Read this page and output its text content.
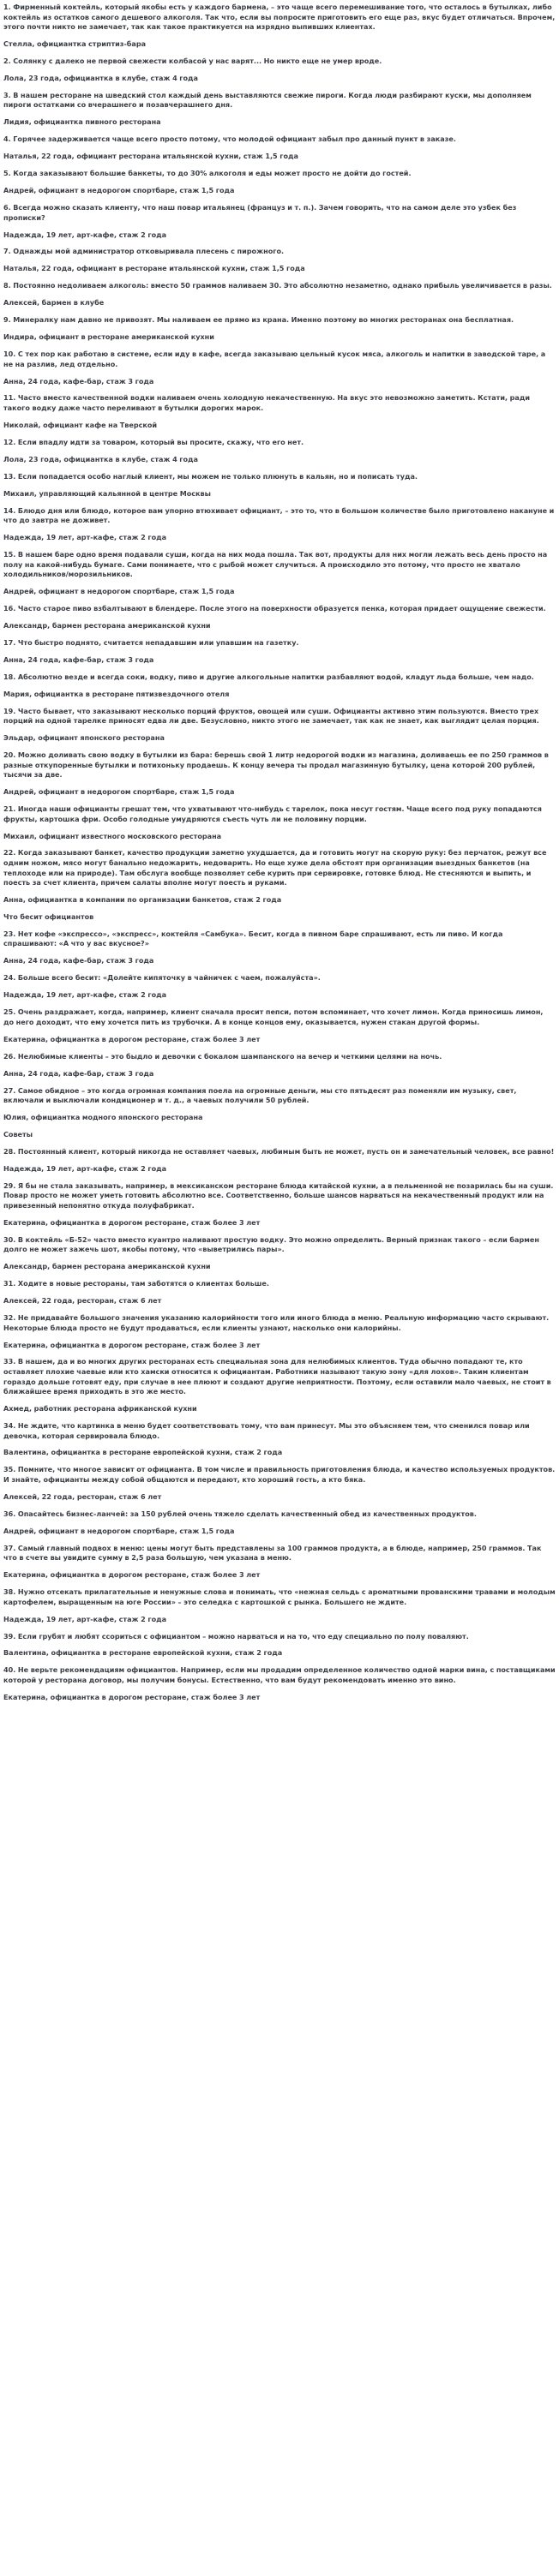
1. Фирменный коктейль, который якобы есть у каждого бармена, – это чаще всего перемешивание того, что осталось в бутылках, либо коктейль из остатков самого дешевого алкоголя. Так что, если вы попросите приготовить его еще раз, вкус будет отличаться. Впрочем, этого почти никто не замечает, так как такое практикуется на изрядно выпивших клиентах.

Стелла, официантка стриптиз-бара

2. Солянку с далеко не первой свежести колбасой у нас варят... Но никто еще не умер вроде.

Лола, 23 года, официантка в клубе, стаж 4 года

3. В нашем ресторане на шведский стол каждый день выставляются свежие пироги. Когда люди разбирают куски, мы дополняем пироги остатками со вчерашнего и позавчерашнего дня.

Лидия, официантка пивного ресторана

4. Горячее задерживается чаще всего просто потому, что молодой официант забыл про данный пункт в заказе.

Наталья, 22 года, официант ресторана итальянской кухни, стаж 1,5 года

5. Когда заказывают большие банкеты, то до 30% алкоголя и еды может просто не дойти до гостей.

Андрей, официант в недорогом спортбаре, стаж 1,5 года

6. Всегда можно сказать клиенту, что наш повар итальянец (француз и т. п.). Зачем говорить, что на самом деле это узбек без прописки?

Надежда, 19 лет, арт-кафе, стаж 2 года

7. Однажды мой администратор отковыривала плесень с пирожного.

Наталья, 22 года, официант в ресторане итальянской кухни, стаж 1,5 года

8. Постоянно недоливаем алкоголь: вместо 50 граммов наливаем 30. Это абсолютно незаметно, однако прибыль увеличивается в разы.

Алексей, бармен в клубе

9. Минералку нам давно не привозят. Мы наливаем ее прямо из крана. Именно поэтому во многих ресторанах она бесплатная.

Индира, официант в ресторане американской кухни

10. С тех пор как работаю в системе, если иду в кафе, всегда заказываю цельный кусок мяса, алкоголь и напитки в заводской таре, а не на разлив, лед отдельно.

Анна, 24 года, кафе-бар, стаж 3 года

11. Часто вместо качественной водки наливаем очень холодную некачественную. На вкус это невозможно заметить. Кстати, ради такого водку даже часто переливают в бутылки дорогих марок.

Николай, официант кафе на Тверской

12. Если впадлу идти за товаром, который вы просите, скажу, что его нет.

Лола, 23 года, официантка в клубе, стаж 4 года

13. Если попадается особо наглый клиент, мы можем не только плюнуть в кальян, но и пописать туда.

Михаил, управляющий кальянной в центре Москвы

14. Блюдо дня или блюдо, которое вам упорно втюхивает официант, – это то, что в большом количестве было приготовлено накануне и что до завтра не доживет.

Надежда, 19 лет, арт-кафе, стаж 2 года

15. В нашем баре одно время подавали суши, когда на них мода пошла. Так вот, продукты для них могли лежать весь день просто на полу на какой-нибудь бумаге. Сами понимаете, что с рыбой может случиться. А происходило это потому, что просто не хватало холодильников/морозильников.

Андрей, официант в недорогом спортбаре, стаж 1,5 года

16. Часто старое пиво взбалтывают в блендере. После этого на поверхности образуется пенка, которая придает ощущение свежести.

Александр, бармен ресторана американской кухни

17. Что быстро поднято, считается непадавшим или упавшим на газетку.

Анна, 24 года, кафе-бар, стаж 3 года

18. Абсолютно везде и всегда соки, водку, пиво и другие алкогольные напитки разбавляют водой, кладут льда больше, чем надо.

Мария, официантка в ресторане пятизвездочного отеля

19. Часто бывает, что заказывают несколько порций фруктов, овощей или суши. Официанты активно этим пользуются. Вместо трех порций на одной тарелке приносят едва ли две. Безусловно, никто этого не замечает, так как не знает, как выглядит целая порция.

Эльдар, официант японского ресторана

20. Можно доливать свою водку в бутылки из бара: берешь свой 1 литр недорогой водки из магазина, доливаешь ее по 250 граммов в разные откупоренные бутылки и потихоньку продаешь. К концу вечера ты продал магазинную бутылку, цена которой 200 рублей, тысячи за две.

Андрей, официант в недорогом спортбаре, стаж 1,5 года

21. Иногда наши официанты грешат тем, что ухватывают что-нибудь с тарелок, пока несут гостям. Чаще всего под руку попадаются фрукты, картошка фри. Особо голодные умудряются съесть чуть ли не половину порции.

Михаил, официант известного московского ресторана

22. Когда заказывают банкет, качество продукции заметно ухудшается, да и готовить могут на скорую руку: без перчаток, режут все одним ножом, мясо могут банально недожарить, недоварить. Но еще хуже дела обстоят при организации выездных банкетов (на теплоходе или на природе). Там обслуга вообще позволяет себе курить при сервировке, готовке блюд. Не стесняются и выпить, и поесть за счет клиента, причем салаты вполне могут поесть и руками.

Анна, официантка в компании по организации банкетов, стаж 2 года

Что бесит официантов

23. Нет кофе «экспрессо», «экспресс», коктейля «Самбука». Бесит, когда в пивном баре спрашивают, есть ли пиво. И когда спрашивают: «А что у вас вкусное?»

Анна, 24 года, кафе-бар, стаж 3 года

24. Больше всего бесит: «Долейте кипяточку в чайничек с чаем, пожалуйста».

Надежда, 19 лет, арт-кафе, стаж 2 года

25. Очень раздражает, когда, например, клиент сначала просит пепси, потом вспоминает, что хочет лимон. Когда приносишь лимон, до него доходит, что ему хочется пить из трубочки. А в конце концов ему, оказывается, нужен стакан другой формы.

Екатерина, официантка в дорогом ресторане, стаж более 3 лет

26. Нелюбимые клиенты – это быдло и девочки с бокалом шампанского на вечер и четкими целями на ночь.

Анна, 24 года, кафе-бар, стаж 3 года

27. Самое обидное – это когда огромная компания поела на огромные деньги, мы сто пятьдесят раз поменяли им музыку, свет, включали и выключали кондиционер и т. д., а чаевых получили 50 рублей.

Юлия, официантка модного японского ресторана

Советы

28. Постоянный клиент, который никогда не оставляет чаевых, любимым быть не может, пусть он и замечательный человек, все равно!

Надежда, 19 лет, арт-кафе, стаж 2 года

29. Я бы не стала заказывать, например, в мексиканском ресторане блюда китайской кухни, а в пельменной не позарилась бы на суши. Повар просто не может уметь готовить абсолютно все. Соответственно, больше шансов нарваться на некачественный продукт или на привезенный непонятно откуда полуфабрикат.

Екатерина, официантка в дорогом ресторане, стаж более 3 лет

30. В коктейль «Б-52» часто вместо куантро наливают простую водку. Это можно определить. Верный признак такого – если бармен долго не может зажечь шот, якобы потому, что «выветрились пары».

Александр, бармен ресторана американской кухни

31. Ходите в новые рестораны, там заботятся о клиентах больше.

Алексей, 22 года, ресторан, стаж 6 лет

32. Не придавайте большого значения указанию калорийности того или иного блюда в меню. Реальную информацию часто скрывают. Некоторые блюда просто не будут продаваться, если клиенты узнают, насколько они калорийны.

Екатерина, официантка в дорогом ресторане, стаж более 3 лет

33. В нашем, да и во многих других ресторанах есть специальная зона для нелюбимых клиентов. Туда обычно попадают те, кто оставляет плохие чаевые или кто хамски относится к официантам. Работники называют такую зону «для лохов». Таким клиентам гораздо дольше готовят еду, при случае в нее плюют и создают другие неприятности. Поэтому, если оставили мало чаевых, не стоит в ближайшее время приходить в это же место.

Ахмед, работник ресторана африканской кухни

34. Не ждите, что картинка в меню будет соответствовать тому, что вам принесут. Мы это объясняем тем, что сменился повар или девочка, которая сервировала блюдо.

Валентина, официантка в ресторане европейской кухни, стаж 2 года

35. Помните, что многое зависит от официанта. В том числе и правильность приготовления блюда, и качество используемых продуктов. И знайте, официанты между собой общаются и передают, кто хороший гость, а кто бяка.

Алексей, 22 года, ресторан, стаж 6 лет

36. Опасайтесь бизнес-ланчей: за 150 рублей очень тяжело сделать качественный обед из качественных продуктов.

Андрей, официант в недорогом спортбаре, стаж 1,5 года

37. Самый главный подвох в меню: цены могут быть представлены за 100 граммов продукта, а в блюде, например, 250 граммов. Так что в счете вы увидите сумму в 2,5 раза большую, чем указана в меню.

Екатерина, официантка в дорогом ресторане, стаж более 3 лет

38. Нужно отсекать прилагательные и ненужные слова и понимать, что «нежная сельдь с ароматными прованскими травами и молодым картофелем, выращенным на юге России» – это селедка с картошкой с рынка. Большего не ждите.

Надежда, 19 лет, арт-кафе, стаж 2 года

39. Если грубят и любят ссориться с официантом – можно нарваться и на то, что еду специально по полу поваляют.

Валентина, официантка в ресторане европейской кухни, стаж 2 года

40. Не верьте рекомендациям официантов. Например, если мы продадим определенное количество одной марки вина, с поставщиками которой у ресторана договор, мы получим бонусы. Естественно, что вам будут рекомендовать именно это вино.

Екатерина, официантка в дорогом ресторане, стаж более 3 лет
